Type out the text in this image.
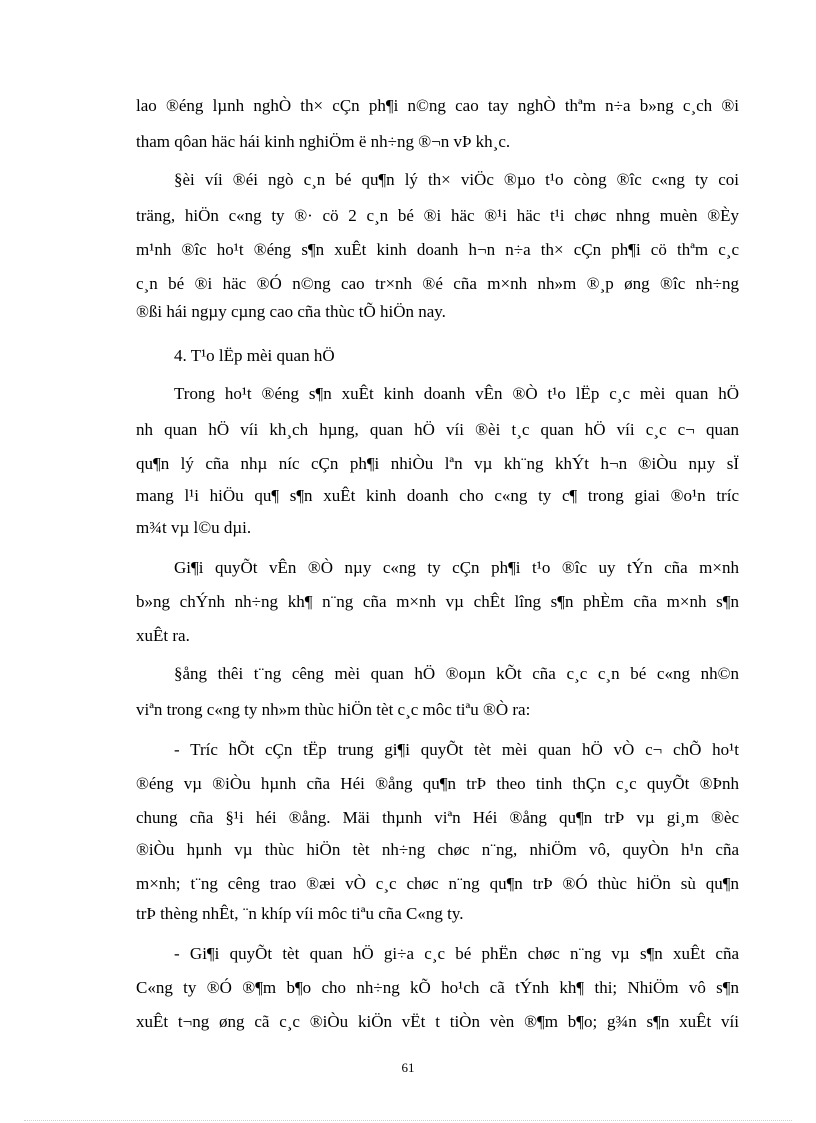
lao ®éng lµnh nghÒ th× cÇn ph¶i n©ng cao tay nghÒ thªm n÷a b»ng c¸ch ®i
tham qôan häc hái kinh nghiÖm ë nh÷ng ®¬n vÞ kh¸c.
§èi víi ®éi ngò c¸n bé qu¶n lý th× viÖc ®µo t¹o còng ®îc c«ng ty coi
träng, hiÖn c«ng ty ®· cö 2 c¸n bé ®i häc ®¹i häc t¹i chøc nhng muèn ®Èy
m¹nh ®îc ho¹t ®éng s¶n xuÊt kinh doanh h¬n n÷a th× cÇn ph¶i cö thªm c¸c
c¸n bé ®i häc ®Ó n©ng cao tr×nh ®é cña m×nh nh»m ®¸p øng ®îc nh÷ng
®ßi hái ngµy cµng cao cña thùc tÕ hiÖn nay.
4. T¹o lËp mèi quan hÖ
Trong ho¹t ®éng s¶n xuÊt kinh doanh vÊn ®Ò t¹o lËp c¸c mèi quan hÖ
nh quan hÖ víi kh¸ch hµng, quan hÖ víi ®èi t¸c quan hÖ víi c¸c c¬ quan
qu¶n lý cña nhµ níc cÇn ph¶i nhiÒu lªn vµ kh¨ng khÝt h¬n ®iÒu nµy sÏ
mang l¹i hiÖu qu¶ s¶n xuÊt kinh doanh cho c«ng ty c¶ trong giai ®o¹n tríc
m¾t vµ l©u dµi.
Gi¶i quyÕt vÊn ®Ò nµy c«ng ty cÇn ph¶i t¹o ®îc uy tÝn cña m×nh
b»ng chÝnh nh÷ng kh¶ n¨ng cña m×nh vµ chÊt lîng s¶n phÈm cña m×nh s¶n
xuÊt ra.
§ång thêi t¨ng cêng mèi quan hÖ ®oµn kÕt cña c¸c c¸n bé c«ng nh©n
viªn trong c«ng ty nh»m thùc hiÖn tèt c¸c môc tiªu ®Ò ra:
- Tríc hÕt cÇn tËp trung gi¶i quyÕt tèt mèi quan hÖ vÒ c¬ chÕ ho¹t
®éng vµ ®iÒu hµnh cña Héi ®ång qu¶n trÞ theo tinh thÇn c¸c quyÕt ®Þnh
chung cña §¹i héi ®ång. Mäi thµnh viªn Héi ®ång qu¶n trÞ vµ gi¸m ®èc
®iÒu hµnh vµ thùc hiÖn tèt nh÷ng chøc n¨ng, nhiÖm vô, quyÒn h¹n cña
m×nh; t¨ng cêng trao ®æi vÒ c¸c chøc n¨ng qu¶n trÞ ®Ó thùc hiÖn sù qu¶n
trÞ thèng nhÊt, ¨n khíp víi môc tiªu cña C«ng ty.
- Gi¶i quyÕt tèt quan hÖ gi÷a c¸c bé phËn chøc n¨ng vµ s¶n xuÊt cña
C«ng ty ®Ó ®¶m b¶o cho nh÷ng kÕ ho¹ch cã tÝnh kh¶ thi; NhiÖm vô s¶n
xuÊt t¬ng øng cã c¸c ®iÒu kiÖn vËt t tiÒn vèn ®¶m b¶o; g¾n s¶n xuÊt víi
61
